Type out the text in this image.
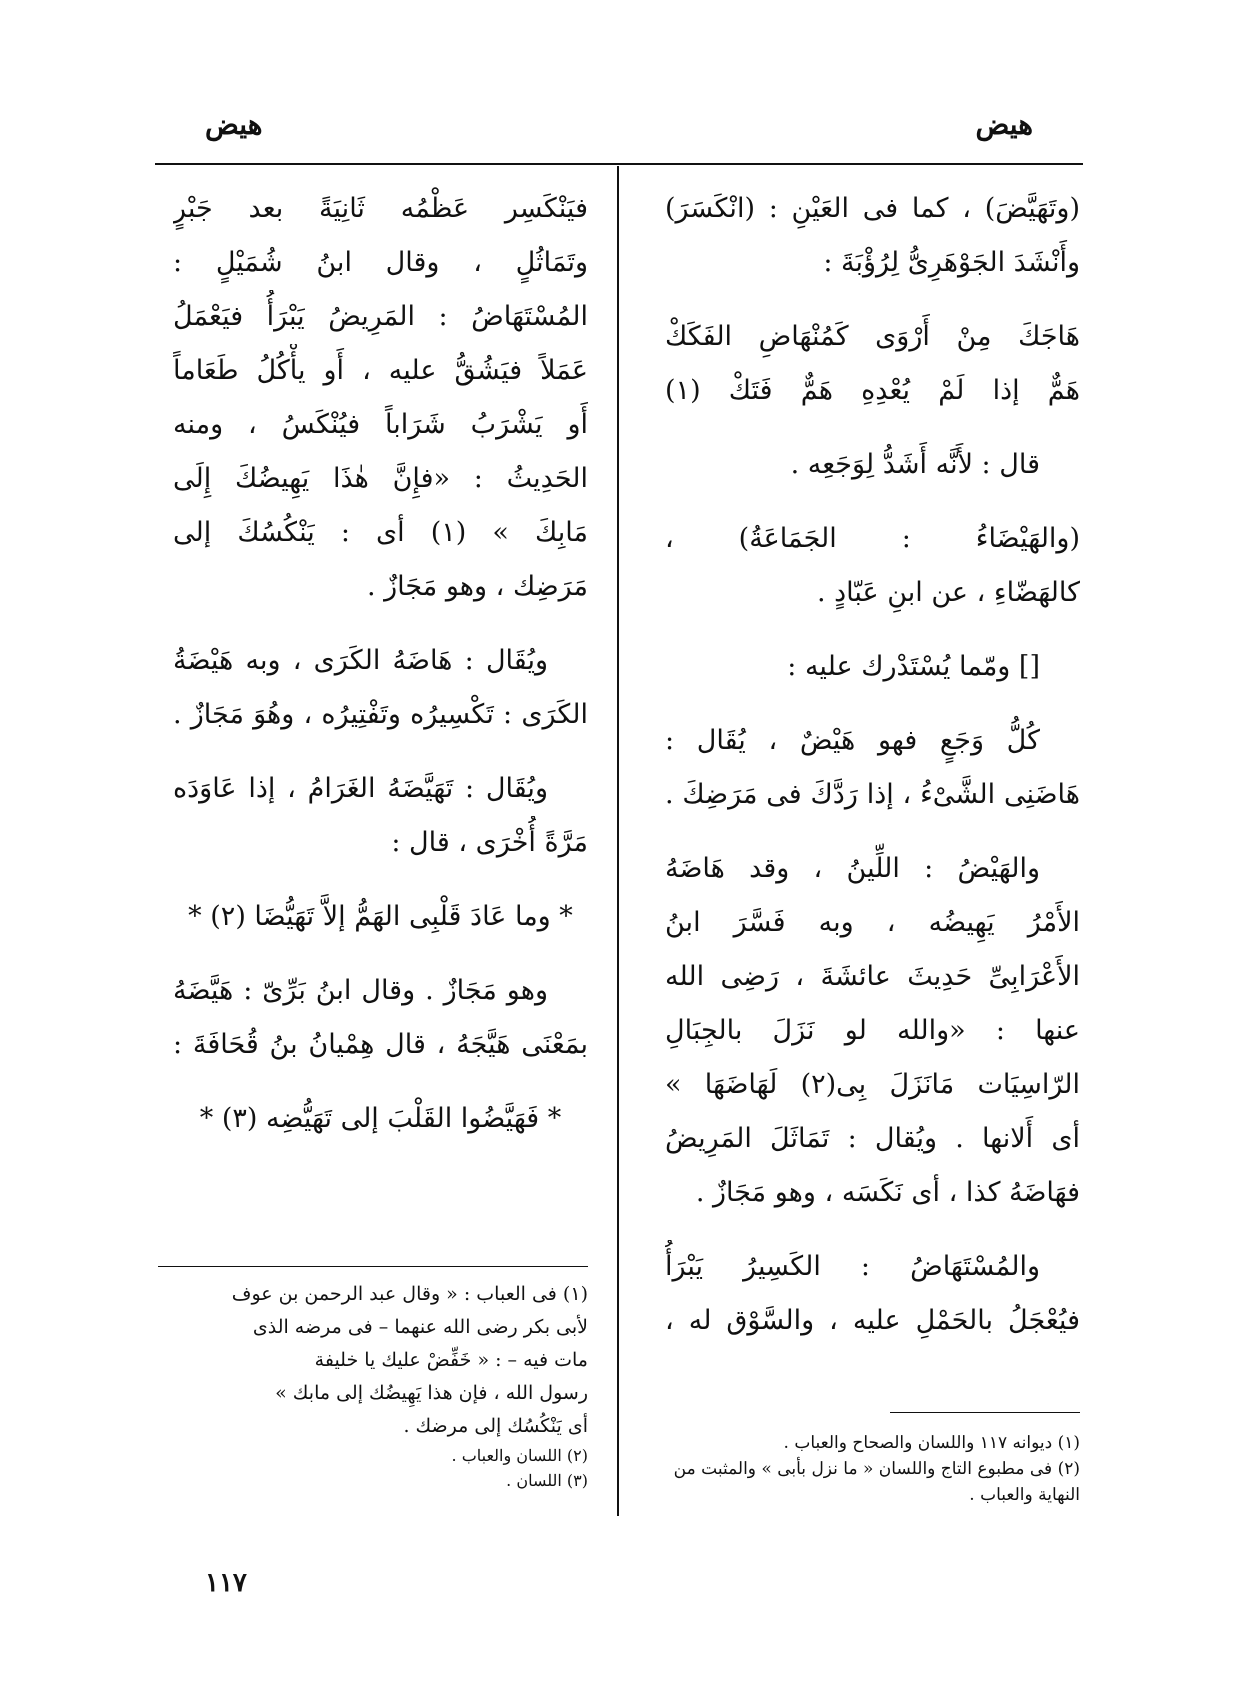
هيض
هيض
(وتَهَيَّضَ) ، كما فى العَيْنِ : (انْكَسَرَ)
وأَنْشَدَ الجَوْهَرِىُّ لِرُؤْبَةَ :
هَاجَكَ مِنْ أَرْوَى كَمُنْهَاضِ الفَكَكْ
هَمٌّ إذا لَمْ يُعْدِهِ هَمٌّ فَتَكْ (١)
قال : لأَنَّه أَشَدُّ لِوَجَعِه .
(والهَيْضَاءُ : الجَمَاعَةُ) ،
كالهَضّاءِ ، عن ابنِ عَبّادٍ .
[] ومّما يُسْتَدْرك عليه :
كُلُّ وَجَعٍ فهو هَيْضٌ ، يُقَال :
هَاضَنِى الشَّىْءُ ، إذا رَدَّكَ فى مَرَضِكَ .
والهَيْضُ : اللِّينُ ، وقد هَاضَهُ
الأَمْرُ يَهِيضُه ، وبه فَسَّرَ ابنُ
الأَعْرَابِىِّ حَدِيثَ عائشَةَ ، رَضِى الله
عنها : «والله لو نَزَلَ بالجِبَالِ
الرّاسِيَات مَانَزَلَ بِى(٢) لَهَاضَهَا »
أى أَلانها . ويُقال : تَمَاثَلَ المَرِيضُ
فهَاضَهُ كذا ، أى نَكَسَه ، وهو مَجَازٌ .
والمُسْتَهَاضُ : الكَسِيرُ يَبْرَأُ
فيُعْجَلُ بالحَمْلِ عليه ، والسَّوْق له ،
(١) ديوانه ١١٧ واللسان والصحاح والعباب .
(٢) فى مطبوع التاج واللسان « ما نزل بأبى » والمثبت من
النهاية والعباب .
فيَنْكَسِر عَظْمُه ثَانِيَةً بعد جَبْرٍ
وتَمَاثُلٍ ، وقال ابنُ شُمَيْلٍ :
المُسْتَهَاضُ : المَرِيضُ يَبْرَأُ فيَعْمَلُ
عَمَلاً فيَشُقُّ عليه ، أَو يأْكُلُ طَعَاماً
أَو يَشْرَبُ شَرَاباً فيُنْكَسُ ، ومنه
الحَدِيثُ : «فإِنَّ هٰذَا يَهِيضُكَ إِلَى
مَابِكَ » (١) أى : يَنْكُسُكَ إلى
مَرَضِك ، وهو مَجَازٌ .
ويُقَال : هَاضَهُ الكَرَى ، وبه هَيْضَةُ
الكَرَى : تَكْسِيرُه وتَفْتِيرُه ، وهُوَ مَجَازٌ .
ويُقَال : تَهَيَّضَهُ الغَرَامُ ، إذا عَاوَدَه
مَرَّةً أُخْرَى ، قال :
* وما عَادَ قَلْبِى الهَمُّ إلاَّ تَهَيُّضَا (٢) *
وهو مَجَازٌ . وقال ابنُ بَرِّىّ : هَيَّضَهُ
بمَعْنَى هَيَّجَهُ ، قال هِمْيانُ بنُ قُحَافَةَ :
* فَهَيَّضُوا القَلْبَ إلى تَهَيُّضِه (٣) *
(١) فى العباب : « وقال عبد الرحمن بن عوف
لأبى بكر رضى الله عنهما – فى مرضه الذى
مات فيه – : « خَفِّضْ عليك يا خليفة
رسول الله ، فإن هذا يَهِيضُك إلى مابك »
أى يَنْكُسُك إلى مرضك .
(٢) اللسان والعباب .
(٣) اللسان .
١١٧
